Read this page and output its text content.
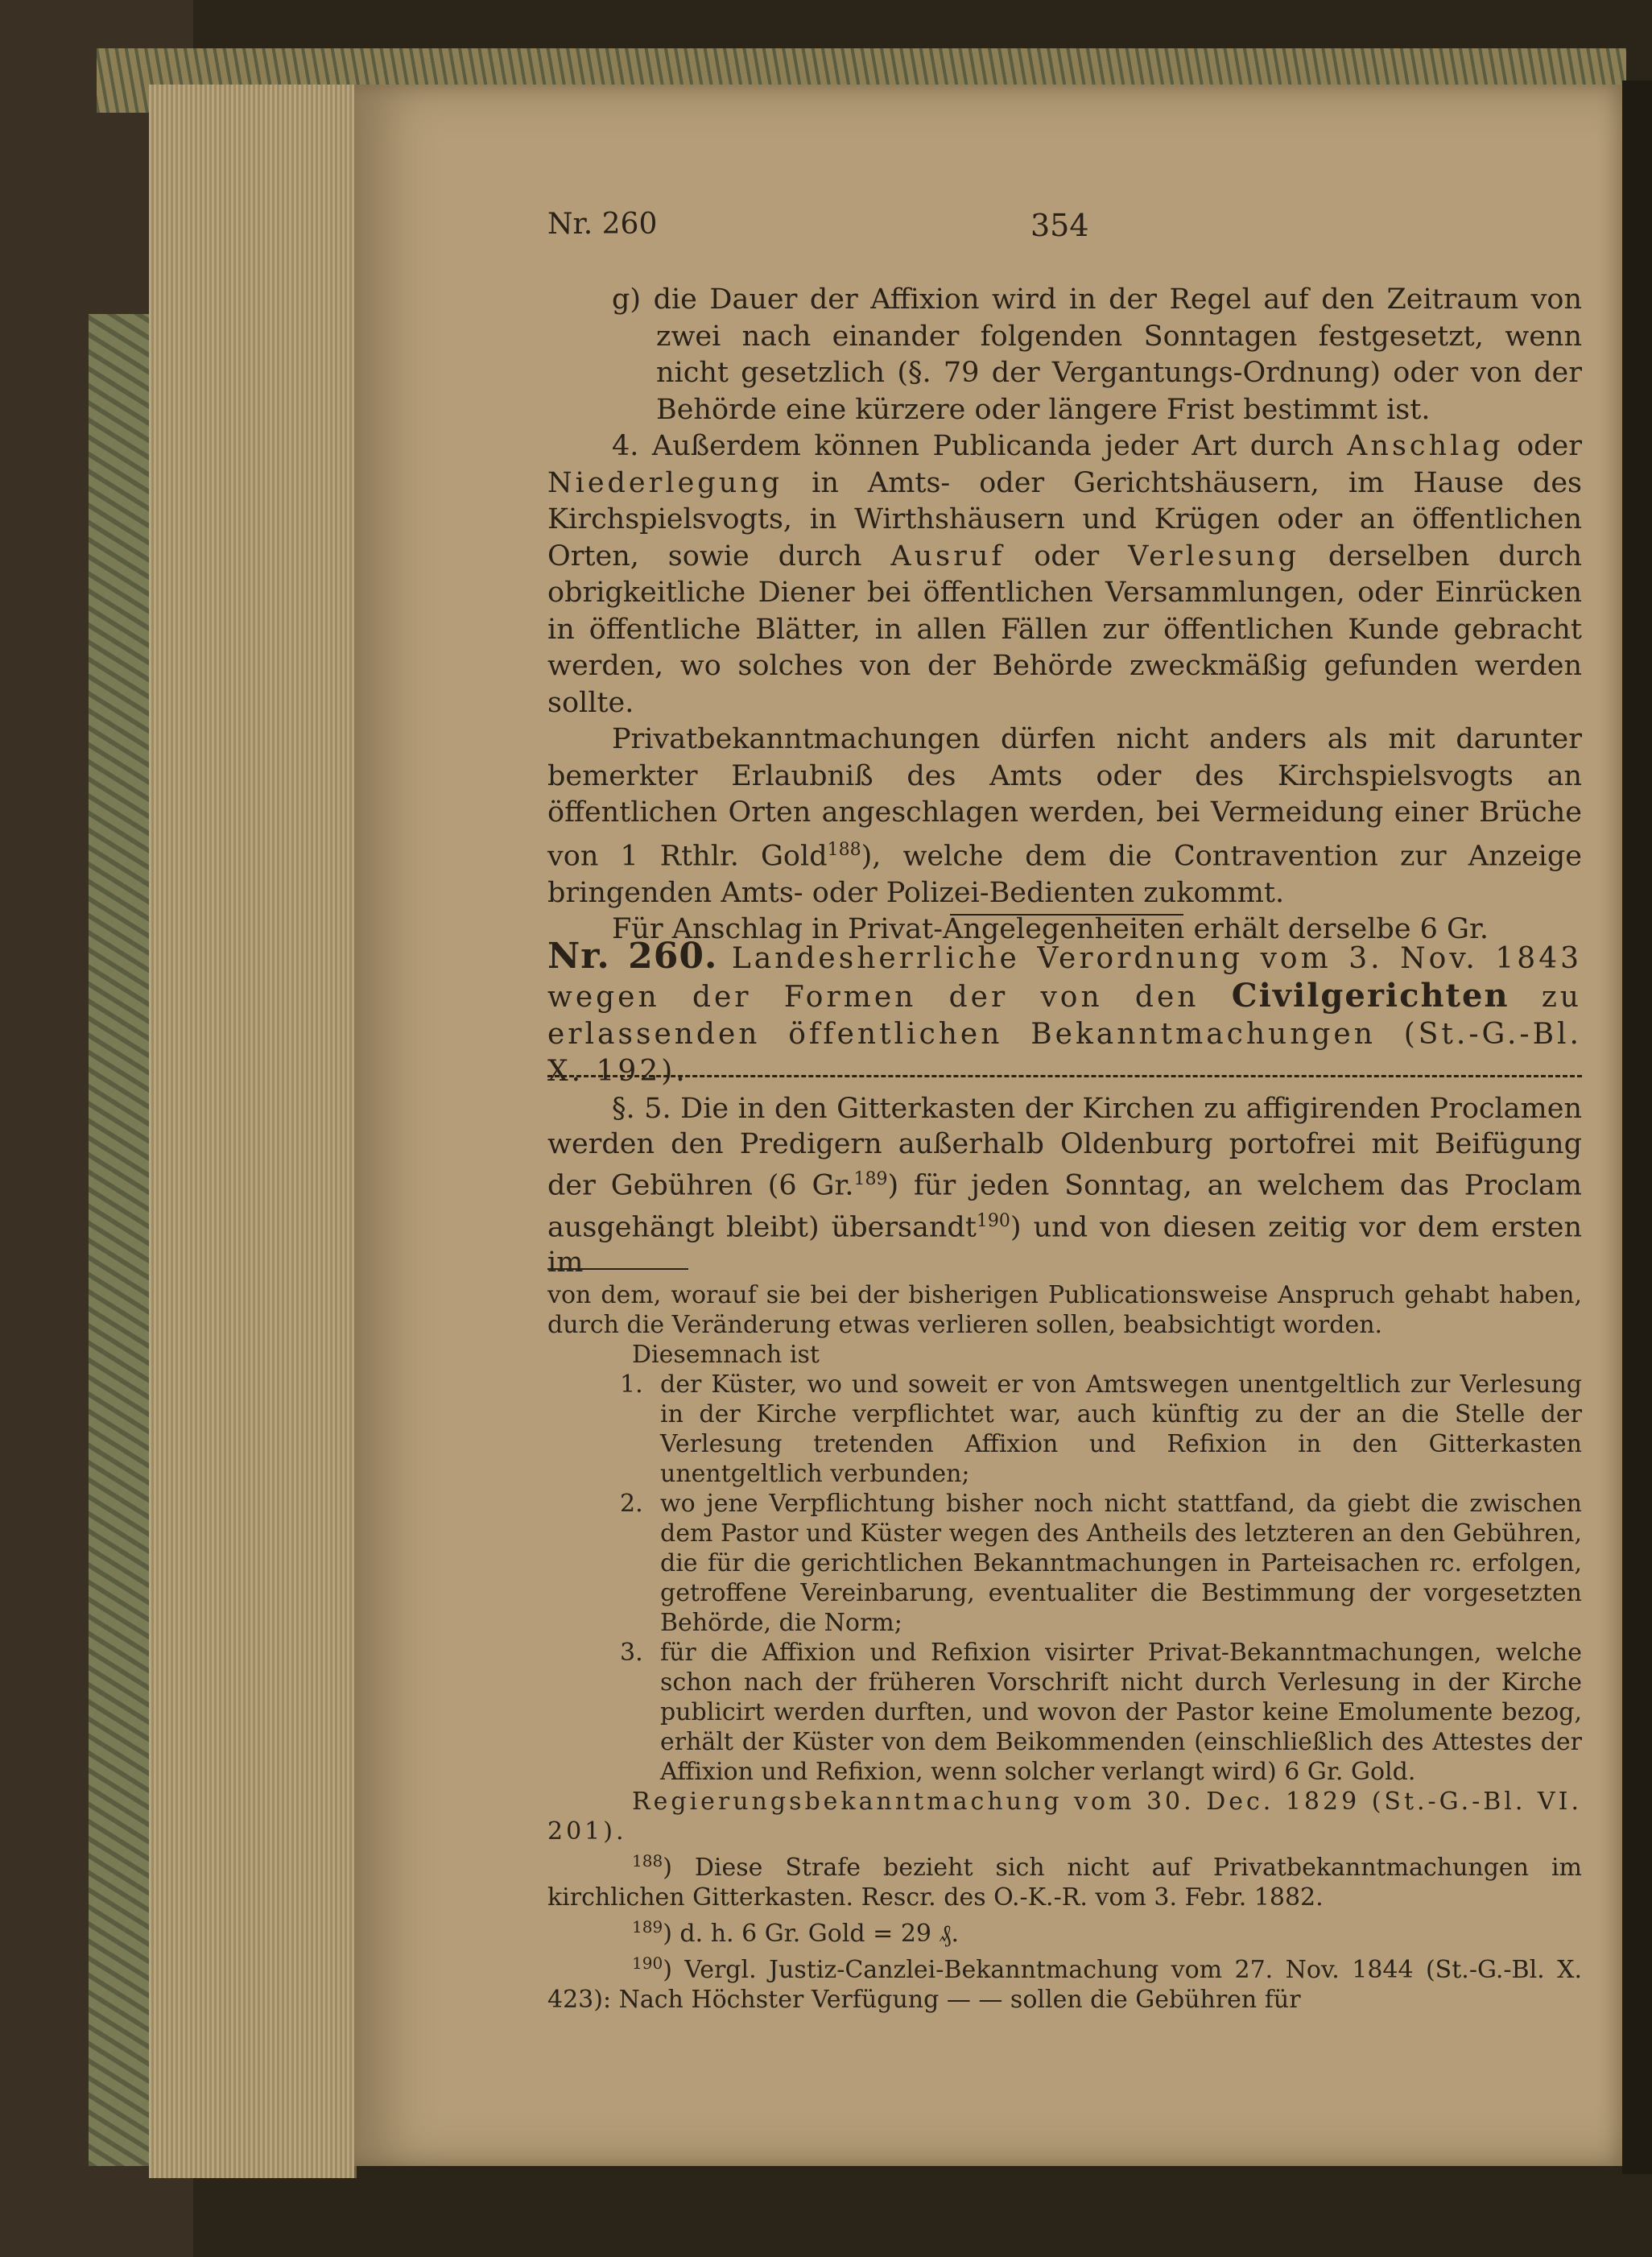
Nr. 260	354

g) die Dauer der Affixion wird in der Regel auf den Zeitraum von zwei nach einander folgenden Sonntagen festgesetzt, wenn nicht gesetzlich (§. 79 der Vergantungs-Ordnung) oder von der Behörde eine kürzere oder längere Frist bestimmt ist.

4. Außerdem können Publicanda jeder Art durch Anschlag oder Niederlegung in Amts- oder Gerichtshäusern, im Hause des Kirchspielsvogts, in Wirthshäusern und Krügen oder an öffentlichen Orten, sowie durch Ausruf oder Verlesung derselben durch obrigkeitliche Diener bei öffentlichen Versammlungen, oder Einrücken in öffentliche Blätter, in allen Fällen zur öffentlichen Kunde gebracht werden, wo solches von der Behörde zweckmäßig gefunden werden sollte.

Privatbekanntmachungen dürfen nicht anders als mit darunter bemerkter Erlaubniß des Amts oder des Kirchspielsvogts an öffentlichen Orten angeschlagen werden, bei Vermeidung einer Brüche von 1 Rthlr. Gold$^{188}$), welche dem die Contravention zur Anzeige bringenden Amts- oder Polizei-Bedienten zukommt.

Für Anschlag in Privat-Angelegenheiten erhält derselbe 6 Gr.

Nr. 260. Landesherrliche Verordnung vom 3. Nov. 1843 wegen der Formen der von den Civilgerichten zu erlassenden öffentlichen Bekanntmachungen (St.-G.-Bl. X. 192).

§. 5. Die in den Gitterkasten der Kirchen zu affigirenden Proclamen werden den Predigern außerhalb Oldenburg portofrei mit Beifügung der Gebühren (6 Gr.$^{189}$) für jeden Sonntag, an welchem das Proclam ausgehängt bleibt) übersandt$^{190}$) und von diesen zeitig vor dem ersten im

von dem, worauf sie bei der bisherigen Publicationsweise Anspruch gehabt haben, durch die Veränderung etwas verlieren sollen, beabsichtigt worden.

Diesemnach ist

1. der Küster, wo und soweit er von Amtswegen unentgeltlich zur Verlesung in der Kirche verpflichtet war, auch künftig zu der an die Stelle der Verlesung tretenden Affixion und Refixion in den Gitterkasten unentgeltlich verbunden;
2. wo jene Verpflichtung bisher noch nicht stattfand, da giebt die zwischen dem Pastor und Küster wegen des Antheils des letzteren an den Gebühren, die für die gerichtlichen Bekanntmachungen in Parteisachen rc. erfolgen, getroffene Vereinbarung, eventualiter die Bestimmung der vorgesetzten Behörde, die Norm;
3. für die Affixion und Refixion visirter Privat-Bekanntmachungen, welche schon nach der früheren Vorschrift nicht durch Verlesung in der Kirche publicirt werden durften, und wovon der Pastor keine Emolumente bezog, erhält der Küster von dem Beikommenden (einschließlich des Attestes der Affixion und Refixion, wenn solcher verlangt wird) 6 Gr. Gold.

Regierungsbekanntmachung vom 30. Dec. 1829 (St.-G.-Bl. VI. 201).

$^{188}$) Diese Strafe bezieht sich nicht auf Privatbekanntmachungen im kirchlichen Gitterkasten. Rescr. des O.-K.-R. vom 3. Febr. 1882.

$^{189}$) d. h. 6 Gr. Gold = 29 ₰.

$^{190}$) Vergl. Justiz-Canzlei-Bekanntmachung vom 27. Nov. 1844 (St.-G.-Bl. X. 423): Nach Höchster Verfügung — — sollen die Gebühren für
